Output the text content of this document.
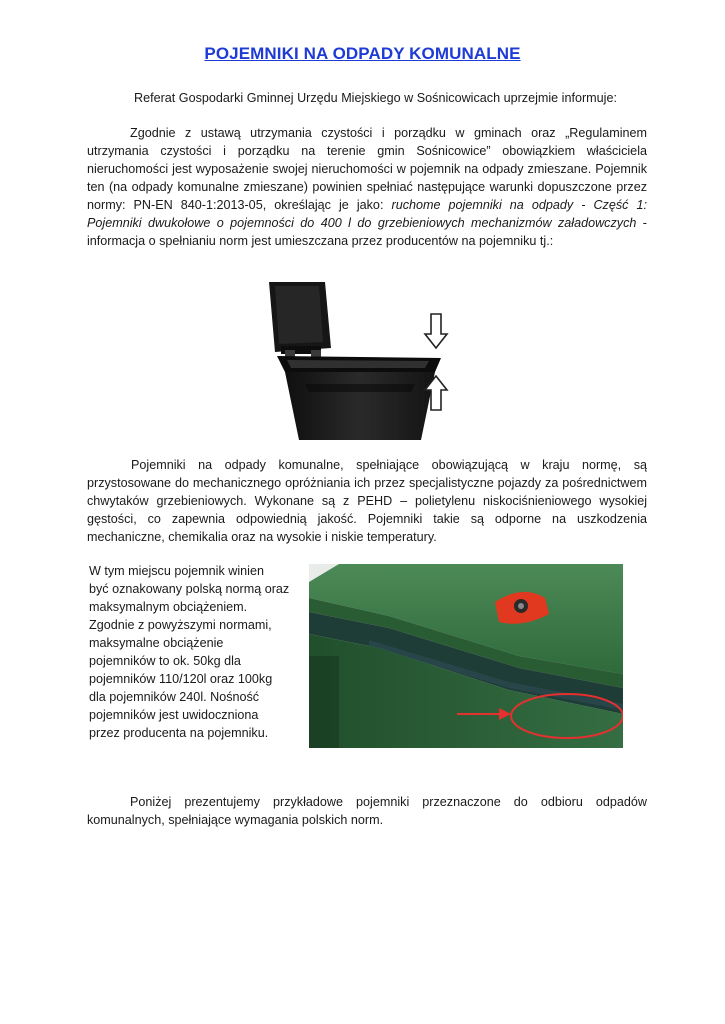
POJEMNIKI NA ODPADY KOMUNALNE

Referat Gospodarki Gminnej Urzędu Miejskiego w Sośnicowicach uprzejmie informuje:

Zgodnie z ustawą utrzymania czystości i porządku w gminach oraz „Regulaminem utrzymania czystości i porządku na terenie gmin Sośnicowice” obowiązkiem właściciela nieruchomości jest wyposażenie swojej nieruchomości w pojemnik na odpady zmieszane. Pojemnik ten (na odpady komunalne zmieszane) powinien spełniać następujące warunki dopuszczone przez normy: PN-EN 840-1:2013-05, określając je jako: ruchome pojemniki na odpady - Część 1: Pojemniki dwukołowe o pojemności do 400 l do grzebieniowych mechanizmów załadowczych - informacja o spełnianiu norm jest umieszczana przez producentów na pojemniku tj.:

Pojemniki na odpady komunalne, spełniające obowiązującą w kraju normę, są przystosowane do mechanicznego opróżniania ich przez specjalistyczne pojazdy za pośrednictwem chwytaków grzebieniowych. Wykonane są z PEHD – polietylenu niskociśnieniowego wysokiej gęstości, co zapewnia odpowiednią jakość. Pojemniki takie są odporne na uszkodzenia mechaniczne, chemikalia oraz na wysokie i niskie temperatury.

W tym miejscu pojemnik winien
być oznakowany polską normą oraz
maksymalnym obciążeniem.
Zgodnie z powyższymi normami,
maksymalne obciążenie
pojemników to ok. 50kg dla
pojemników 110/120l oraz 100kg
dla pojemników 240l. Nośność
pojemników jest uwidoczniona
przez producenta na pojemniku.

Poniżej prezentujemy przykładowe pojemniki przeznaczone do odbioru odpadów komunalnych, spełniające wymagania polskich norm.
